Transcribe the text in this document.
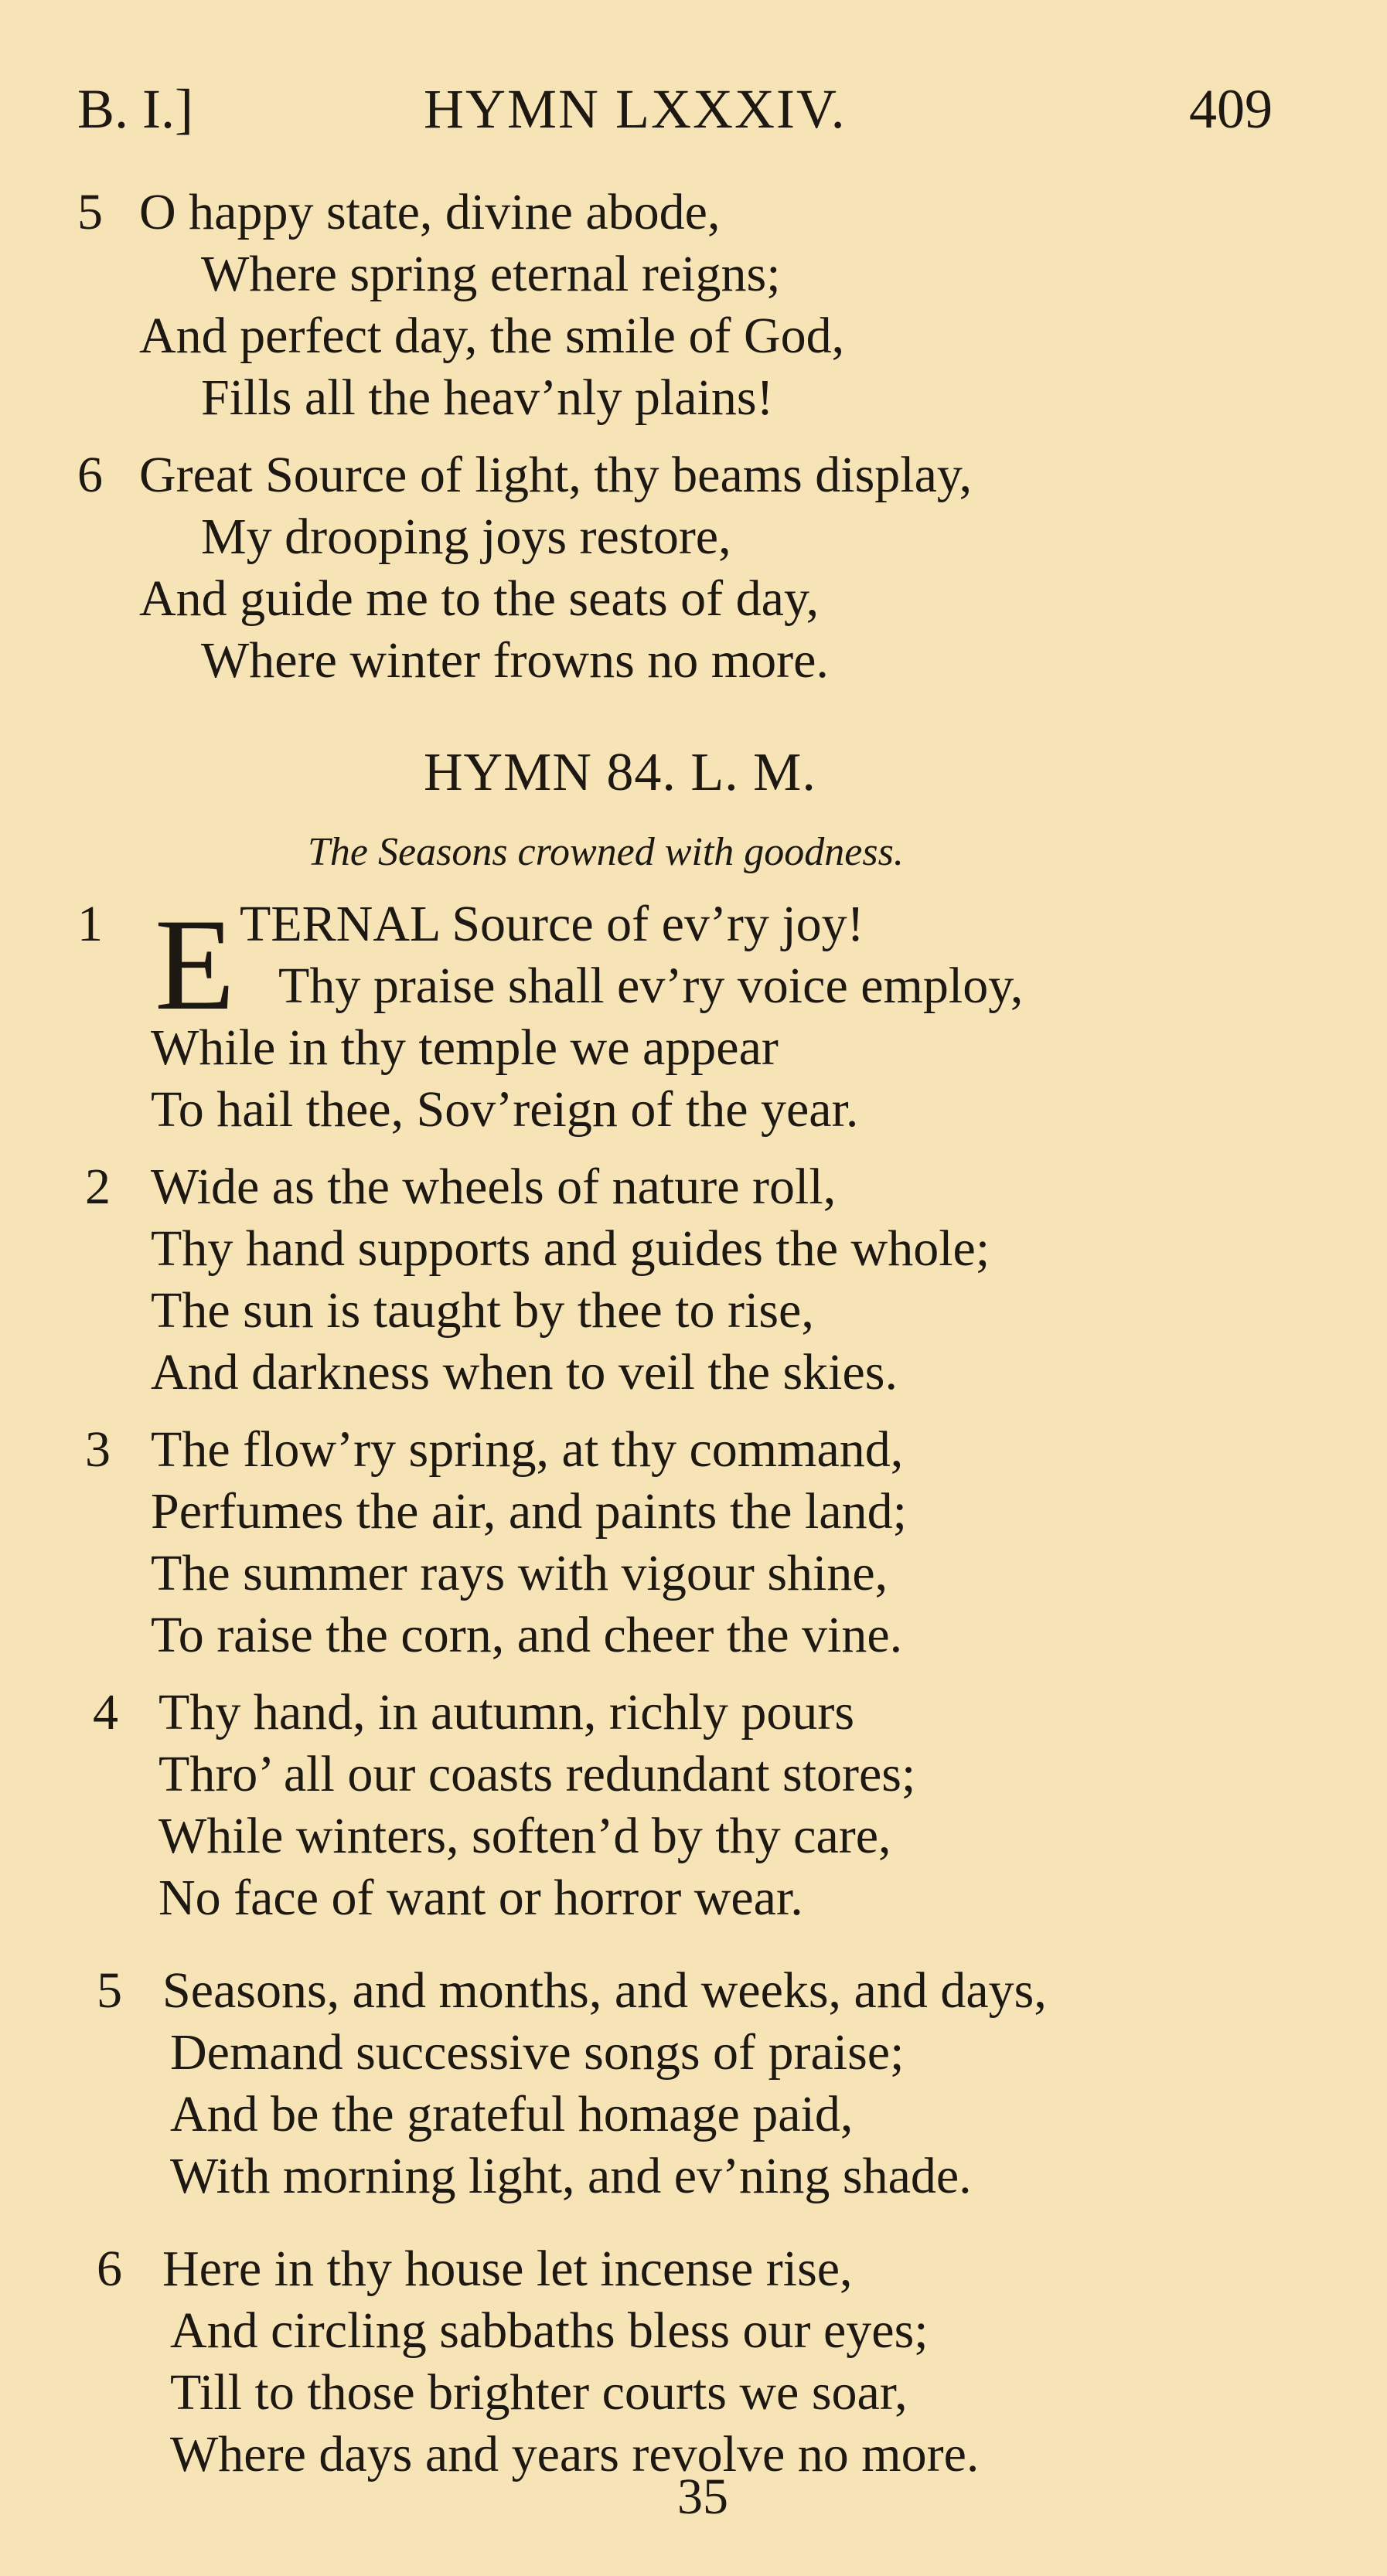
B. I.]	HYMN LXXXIV.	409
5 O happy state, divine abode,
Where spring eternal reigns;
And perfect day, the smile of God,
Fills all the heav’nly plains!
6 Great Source of light, thy beams display,
My drooping joys restore,
And guide me to the seats of day,
Where winter frowns no more.
HYMN 84. L. M.
The Seasons crowned with goodness.
1 E TERNAL Source of ev’ry joy!
Thy praise shall ev’ry voice employ,
While in thy temple we appear
To hail thee, Sov’reign of the year.
2 Wide as the wheels of nature roll,
Thy hand supports and guides the whole;
The sun is taught by thee to rise,
And darkness when to veil the skies.
3 The flow’ry spring, at thy command,
Perfumes the air, and paints the land;
The summer rays with vigour shine,
To raise the corn, and cheer the vine.
4 Thy hand, in autumn, richly pours
Thro’ all our coasts redundant stores;
While winters, soften’d by thy care,
No face of want or horror wear.
5 Seasons, and months, and weeks, and days,
Demand successive songs of praise;
And be the grateful homage paid,
With morning light, and ev’ning shade.
6 Here in thy house let incense rise,
And circling sabbaths bless our eyes;
Till to those brighter courts we soar,
Where days and years revolve no more.
35
